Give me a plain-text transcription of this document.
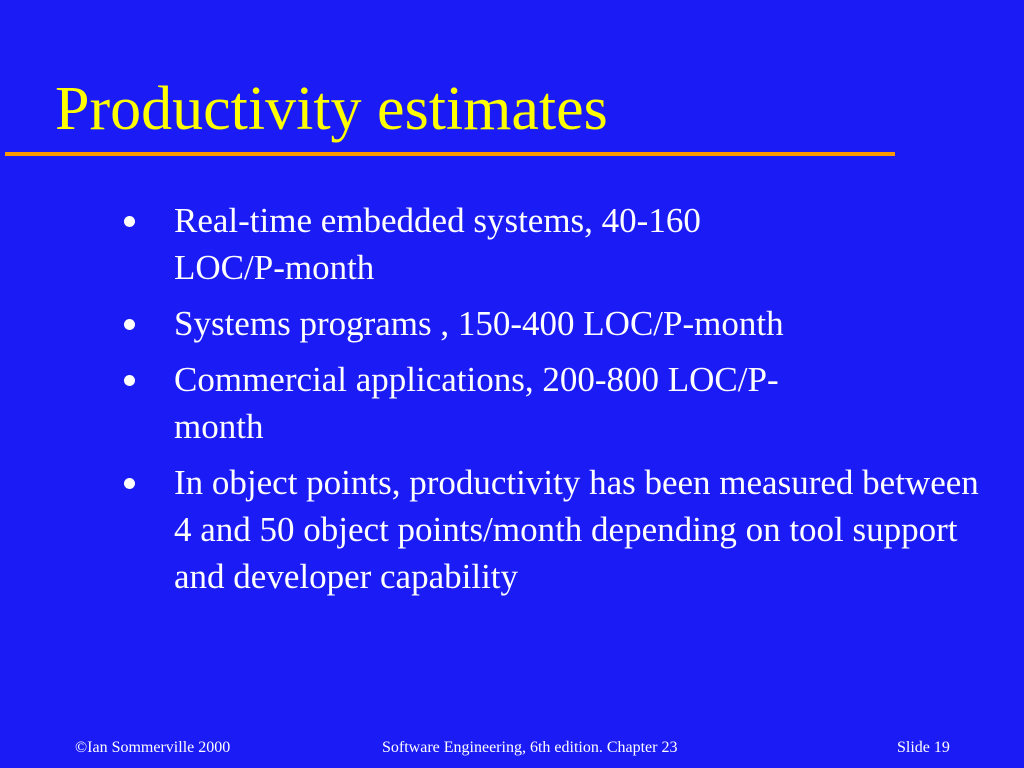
Productivity estimates
Real-time embedded systems, 40-160 LOC/P-month
Systems programs , 150-400 LOC/P-month
Commercial applications, 200-800 LOC/P-month
In object points, productivity has been measured between 4 and 50 object points/month depending on tool support and developer capability
©Ian Sommerville 2000	Software Engineering, 6th edition. Chapter 23	Slide 19
